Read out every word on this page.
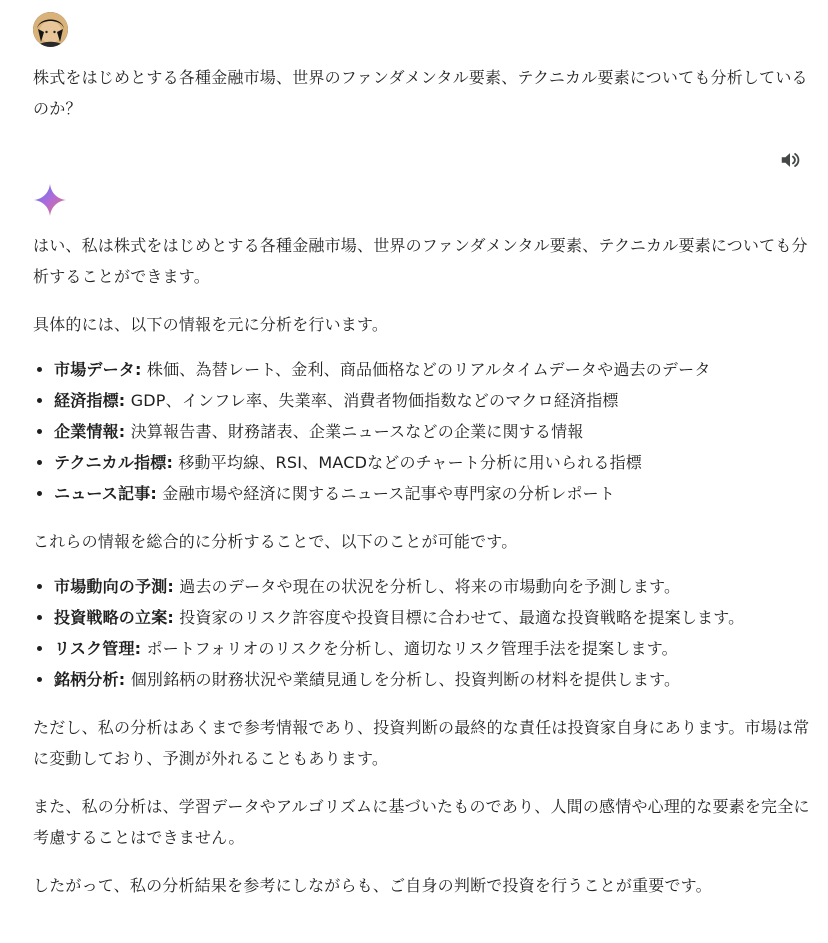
株式をはじめとする各種金融市場、世界のファンダメンタル要素、テクニカル要素についても分析しているのか？

はい、私は株式をはじめとする各種金融市場、世界のファンダメンタル要素、テクニカル要素についても分析することができます。

具体的には、以下の情報を元に分析を行います。

• 市場データ: 株価、為替レート、金利、商品価格などのリアルタイムデータや過去のデータ
• 経済指標: GDP、インフレ率、失業率、消費者物価指数などのマクロ経済指標
• 企業情報: 決算報告書、財務諸表、企業ニュースなどの企業に関する情報
• テクニカル指標: 移動平均線、RSI、MACDなどのチャート分析に用いられる指標
• ニュース記事: 金融市場や経済に関するニュース記事や専門家の分析レポート

これらの情報を総合的に分析することで、以下のことが可能です。

• 市場動向の予測: 過去のデータや現在の状況を分析し、将来の市場動向を予測します。
• 投資戦略の立案: 投資家のリスク許容度や投資目標に合わせて、最適な投資戦略を提案します。
• リスク管理: ポートフォリオのリスクを分析し、適切なリスク管理手法を提案します。
• 銘柄分析: 個別銘柄の財務状況や業績見通しを分析し、投資判断の材料を提供します。

ただし、私の分析はあくまで参考情報であり、投資判断の最終的な責任は投資家自身にあります。市場は常に変動しており、予測が外れることもあります。

また、私の分析は、学習データやアルゴリズムに基づいたものであり、人間の感情や心理的な要素を完全に考慮することはできません。

したがって、私の分析結果を参考にしながらも、ご自身の判断で投資を行うことが重要です。
